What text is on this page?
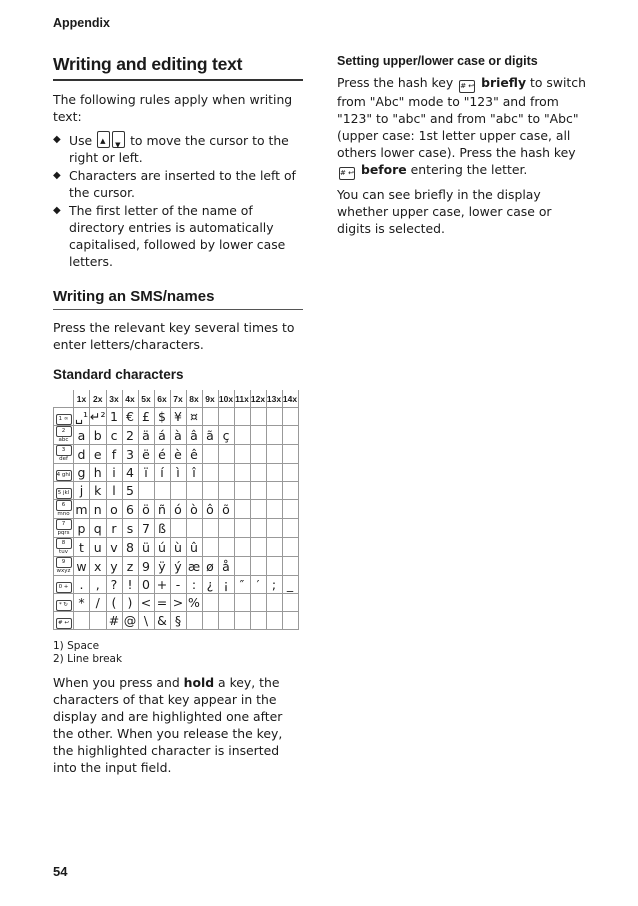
Appendix
Writing and editing text

The following rules apply when writing text:

◆ Use ▲ ▼ to move the cursor to the right or left.
◆ Characters are inserted to the left of the cursor.
◆ The first letter of the name of directory entries is automatically capitalised, followed by lower case letters.
Writing an SMS/names

Press the relevant key several times to enter letters/characters.

Standard characters
	1x	2x	3x	4x	5x	6x	7x	8x	9x	10x	11x	12x	13x	14x
1 ∞	␣¹	↵²	1	€	£	$	¥	¤						
2 abc	a	b	c	2	ä	á	à	â	ã	ç				
3 def	d	e	f	3	ë	é	è	ê						
4 ghi	g	h	i	4	ï	í	ì	î						
5 jkl	j	k	l	5										
6 mno	m	n	o	6	ö	ñ	ó	ò	ô	õ				
7 pqrs	p	q	r	s	7	ß								
8 tuv	t	u	v	8	ü	ú	ù	û						
9 wxyz	w	x	y	z	9	ÿ	ý	æ	ø	å				
0 +	.	,	?	!	0	+	-	:	¿	¡	″	′	;	_
* ↻	*	/	(	)	<	=	>	%						
# ↩			#	@	\	&	§							
1) Space
2) Line break

When you press and hold a key, the characters of that key appear in the display and are highlighted one after the other. When you release the key, the highlighted character is inserted into the input field.

Setting upper/lower case or digits

Press the hash key # ↩ briefly to switch from "Abc" mode to "123" and from "123" to "abc" and from "abc" to "Abc" (upper case: 1st letter upper case, all others lower case). Press the hash key # ↩ before entering the letter.

You can see briefly in the display whether upper case, lower case or digits is selected.

54
